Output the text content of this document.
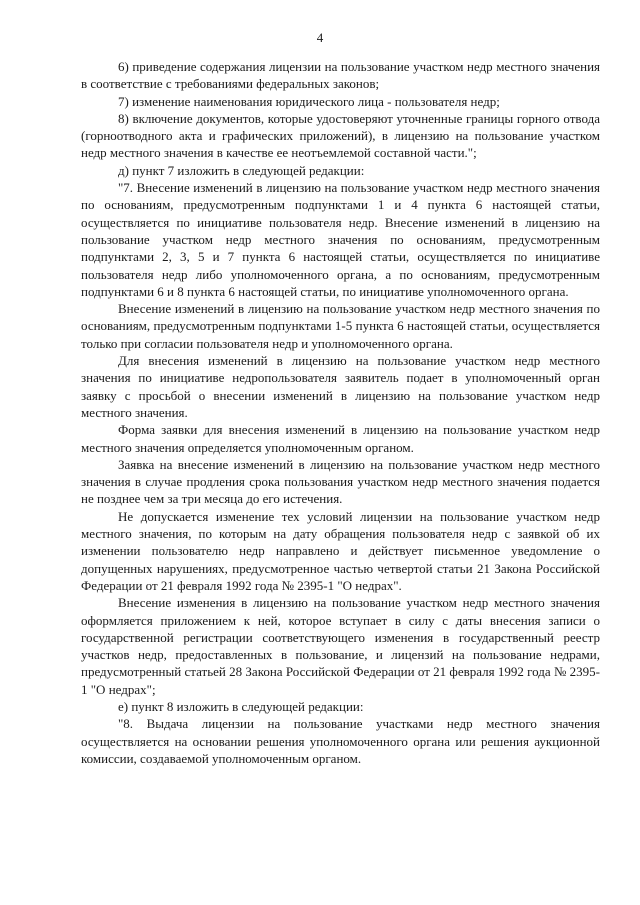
4

6) приведение содержания лицензии на пользование участком недр местного значения в соответствие с требованиями федеральных законов;

7) изменение наименования юридического лица - пользователя недр;

8) включение документов, которые удостоверяют уточненные границы горного отвода (горноотводного акта и графических приложений), в лицензию на пользование участком недр местного значения в качестве ее неотъемлемой составной части.";

д) пункт 7 изложить в следующей редакции:

"7. Внесение изменений в лицензию на пользование участком недр местного значения по основаниям, предусмотренным подпунктами 1 и 4 пункта 6 настоящей статьи, осуществляется по инициативе пользователя недр. Внесение изменений в лицензию на пользование участком недр местного значения по основаниям, предусмотренным подпунктами 2, 3, 5 и 7 пункта 6 настоящей статьи, осуществляется по инициативе пользователя недр либо уполномоченного органа, а по основаниям, предусмотренным подпунктами 6 и 8 пункта 6 настоящей статьи, по инициативе уполномоченного органа.

Внесение изменений в лицензию на пользование участком недр местного значения по основаниям, предусмотренным подпунктами 1-5 пункта 6 настоящей статьи, осуществляется только при согласии пользователя недр и уполномоченного органа.

Для внесения изменений в лицензию на пользование участком недр местного значения по инициативе недропользователя заявитель подает в уполномоченный орган заявку с просьбой о внесении изменений в лицензию на пользование участком недр местного значения.

Форма заявки для внесения изменений в лицензию на пользование участком недр местного значения определяется уполномоченным органом.

Заявка на внесение изменений в лицензию на пользование участком недр местного значения в случае продления срока пользования участком недр местного значения подается не позднее чем за три месяца до его истечения.

Не допускается изменение тех условий лицензии на пользование участком недр местного значения, по которым на дату обращения пользователя недр с заявкой об их изменении пользователю недр направлено и действует письменное уведомление о допущенных нарушениях, предусмотренное частью четвертой статьи 21 Закона Российской Федерации от 21 февраля 1992 года № 2395-1 "О недрах".

Внесение изменения в лицензию на пользование участком недр местного значения оформляется приложением к ней, которое вступает в силу с даты внесения записи о государственной регистрации соответствующего изменения в государственный реестр участков недр, предоставленных в пользование, и лицензий на пользование недрами, предусмотренный статьей 28 Закона Российской Федерации от 21 февраля 1992 года № 2395-1 "О недрах";

е) пункт 8 изложить в следующей редакции:

"8. Выдача лицензии на пользование участками недр местного значения осуществляется на основании решения уполномоченного органа или решения аукционной комиссии, создаваемой уполномоченным органом.
